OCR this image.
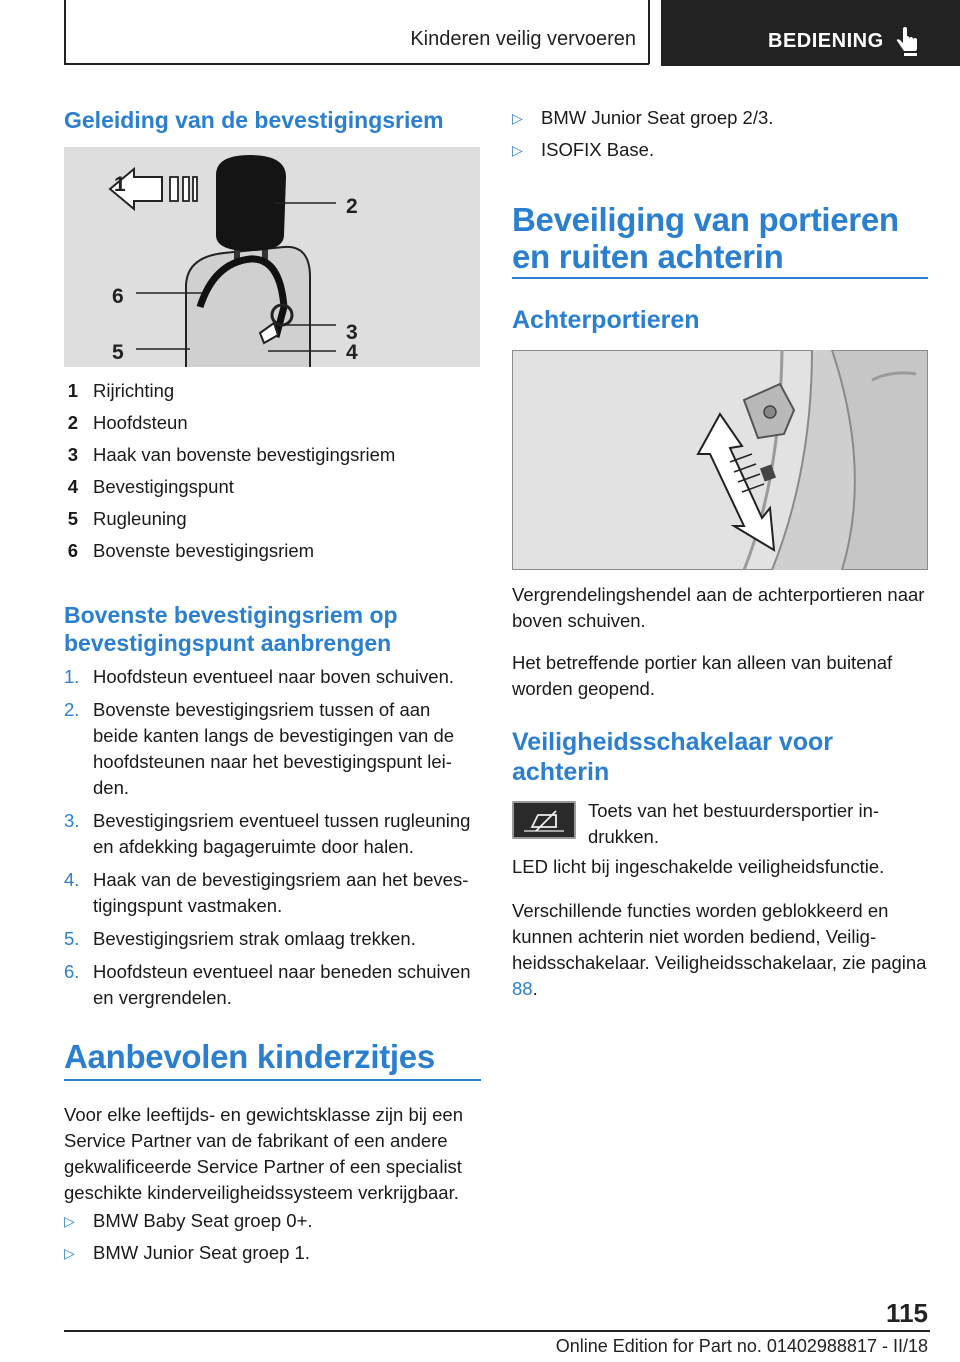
Kinderen veilig vervoeren	BEDIENING
Geleiding van de bevestigingsriem
1
2
6
3
5	4
1 Rijrichting
2 Hoofdsteun
3 Haak van bovenste bevestigingsriem
4 Bevestigingspunt
5 Rugleuning
6 Bovenste bevestigingsriem
Bovenste bevestigingsriem op bevestigingspunt aanbrengen
1. Hoofdsteun eventueel naar boven schuiven.
2. Bovenste bevestigingsriem tussen of aan beide kanten langs de bevestigingen van de hoofdsteunen naar het bevestigingspunt leiden.
3. Bevestigingsriem eventueel tussen rugleuning en afdekking bagageruimte door halen.
4. Haak van de bevestigingsriem aan het bevestigingspunt vastmaken.
5. Bevestigingsriem strak omlaag trekken.
6. Hoofdsteun eventueel naar beneden schuiven en vergrendelen.
Aanbevolen kinderzitjes
Voor elke leeftijds- en gewichtsklasse zijn bij een Service Partner van de fabrikant of een andere gekwalificeerde Service Partner of een specialist geschikte kinderveiligheidssysteem verkrijgbaar.
▷ BMW Baby Seat groep 0+.
▷ BMW Junior Seat groep 1.
▷ BMW Junior Seat groep 2/3.
▷ ISOFIX Base.
Beveiliging van portieren
en ruiten achterin
Achterportieren
Vergrendelingshendel aan de achterportieren naar boven schuiven.
Het betreffende portier kan alleen van buitenaf worden geopend.
Veiligheidsschakelaar voor achterin
Toets van het bestuurdersportier indrukken.
LED licht bij ingeschakelde veiligheidsfunctie.
Verschillende functies worden geblokkeerd en kunnen achterin niet worden bediend, Veiligheidsschakelaar. Veiligheidsschakelaar, zie pagina 88.
115
Online Edition for Part no. 01402988817 - II/18
